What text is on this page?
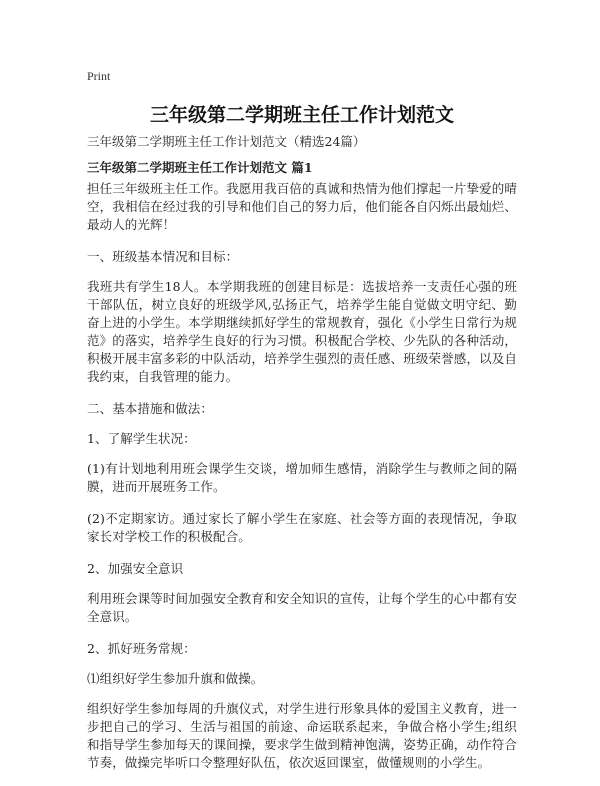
Print
三年级第二学期班主任工作计划范文

三年级第二学期班主任工作计划范文（精选24篇）

三年级第二学期班主任工作计划范文 篇1

担任三年级班主任工作。我愿用我百倍的真诚和热情为他们撑起一片挚爱的晴空，我相信在经过我的引导和他们自己的努力后，他们能各自闪烁出最灿烂、最动人的光辉！

一、班级基本情况和目标：

我班共有学生18人。本学期我班的创建目标是：选拔培养一支责任心强的班干部队伍，树立良好的班级学风,弘扬正气，培养学生能自觉做文明守纪、勤奋上进的小学生。本学期继续抓好学生的常规教育，强化《小学生日常行为规范》的落实，培养学生良好的行为习惯。积极配合学校、少先队的各种活动，积极开展丰富多彩的中队活动，培养学生强烈的责任感、班级荣誉感，以及自我约束，自我管理的能力。

二、基本措施和做法：

1、了解学生状况：

(1)有计划地利用班会课学生交谈，增加师生感情，消除学生与教师之间的隔膜，进而开展班务工作。

(2)不定期家访。通过家长了解小学生在家庭、社会等方面的表现情况，争取家长对学校工作的积极配合。

2、加强安全意识

利用班会课等时间加强安全教育和安全知识的宣传，让每个学生的心中都有安全意识。

2、抓好班务常规：

⑴组织好学生参加升旗和做操。

组织好学生参加每周的升旗仪式，对学生进行形象具体的爱国主义教育，进一步把自己的学习、生活与祖国的前途、命运联系起来，争做合格小学生;组织和指导学生参加每天的课间操，要求学生做到精神饱满，姿势正确，动作符合节奏，做操完毕听口令整理好队伍，依次返回课室，做懂规则的小学生。
